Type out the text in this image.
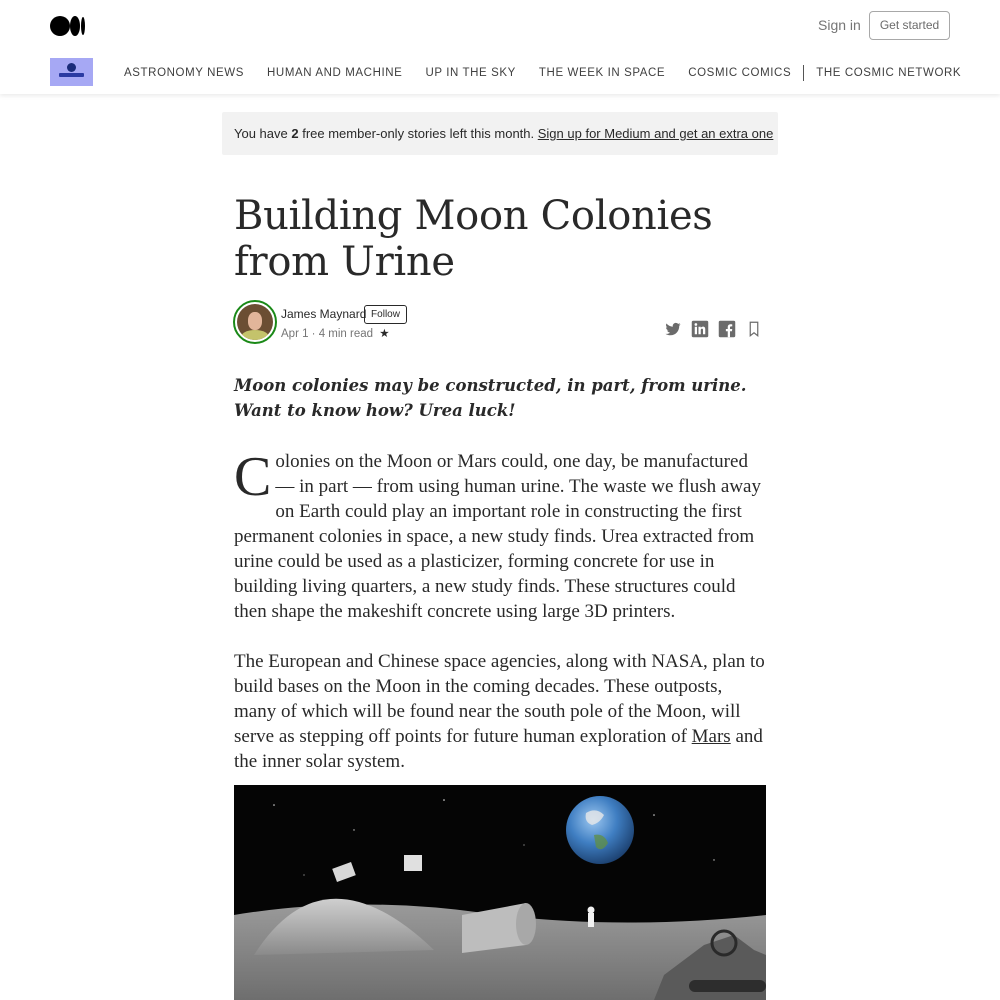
Sign in	Get started
ASTRONOMY NEWS HUMAN AND MACHINE UP IN THE SKY THE WEEK IN SPACE COSMIC COMICS THE COSMIC NETWORK
You have 2 free member-only stories left this month. Sign up for Medium and get an extra one
Building Moon Colonies from Urine
James Maynard Follow
Apr 1 · 4 min read ★
Moon colonies may be constructed, in part, from urine. Want to know how? Urea luck!
Colonies on the Moon or Mars could, one day, be manufactured — in part — from using human urine. The waste we flush away on Earth could play an important role in constructing the first permanent colonies in space, a new study finds. Urea extracted from urine could be used as a plasticizer, forming concrete for use in building living quarters, a new study finds. These structures could then shape the makeshift concrete using large 3D printers.
The European and Chinese space agencies, along with NASA, plan to build bases on the Moon in the coming decades. These outposts, many of which will be found near the south pole of the Moon, will serve as stepping off points for future human exploration of Mars and the inner solar system.
